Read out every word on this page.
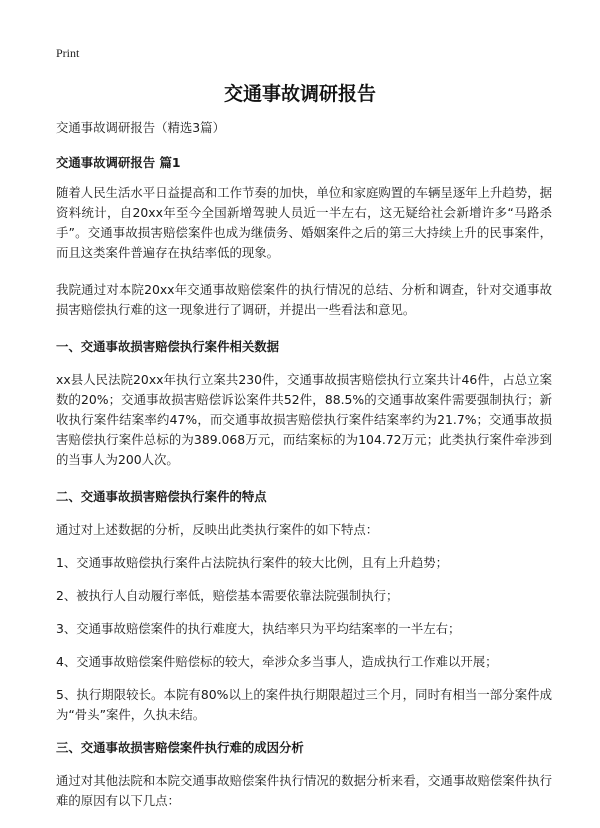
Print
交通事故调研报告

交通事故调研报告（精选3篇）

交通事故调研报告 篇1

随着人民生活水平日益提高和工作节奏的加快，单位和家庭购置的车辆呈逐年上升趋势，据资料统计，自20xx年至今全国新增驾驶人员近一半左右，这无疑给社会新增许多“马路杀手”。交通事故损害赔偿案件也成为继债务、婚姻案件之后的第三大持续上升的民事案件，而且这类案件普遍存在执结率低的现象。

我院通过对本院20xx年交通事故赔偿案件的执行情况的总结、分析和调查，针对交通事故损害赔偿执行难的这一现象进行了调研，并提出一些看法和意见。

一、交通事故损害赔偿执行案件相关数据

xx县人民法院20xx年执行立案共230件，交通事故损害赔偿执行立案共计46件，占总立案数的20%；交通事故损害赔偿诉讼案件共52件，88.5%的交通事故案件需要强制执行；新收执行案件结案率约47%，而交通事故损害赔偿执行案件结案率约为21.7%；交通事故损害赔偿执行案件总标的为389.068万元，而结案标的为104.72万元；此类执行案件牵涉到的当事人为200人次。

二、交通事故损害赔偿执行案件的特点

通过对上述数据的分析，反映出此类执行案件的如下特点：

1、交通事故赔偿执行案件占法院执行案件的较大比例，且有上升趋势；

2、被执行人自动履行率低，赔偿基本需要依靠法院强制执行；

3、交通事故赔偿案件的执行难度大，执结率只为平均结案率的一半左右；

4、交通事故赔偿案件赔偿标的较大，牵涉众多当事人，造成执行工作难以开展；

5、执行期限较长。本院有80%以上的案件执行期限超过三个月，同时有相当一部分案件成为“骨头”案件，久执未结。

三、交通事故损害赔偿案件执行难的成因分析

通过对其他法院和本院交通事故赔偿案件执行情况的数据分析来看，交通事故赔偿案件执行难的原因有以下几点：
